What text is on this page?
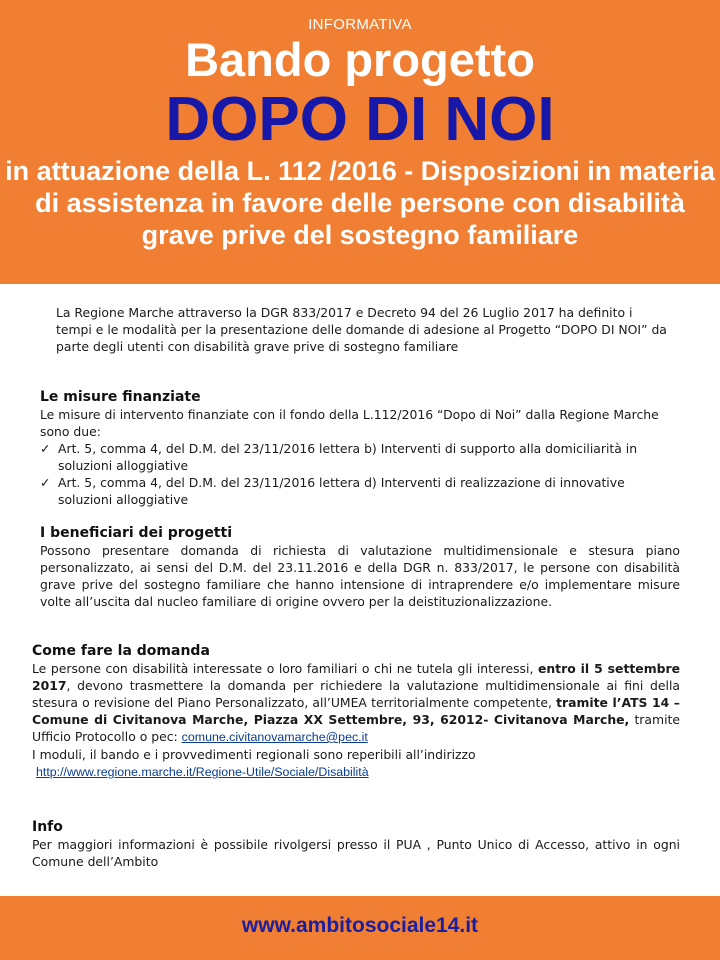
INFORMATIVA
Bando progetto
DOPO DI NOI
in attuazione della L. 112 /2016 - Disposizioni in materia di assistenza in favore delle persone con disabilità grave prive del sostegno familiare

La Regione Marche attraverso la DGR 833/2017 e Decreto 94 del 26 Luglio 2017 ha definito i tempi e le modalità per la presentazione delle domande di adesione al Progetto “DOPO DI NOI” da parte degli utenti con disabilità grave prive di sostegno familiare

Le misure finanziate
Le misure di intervento finanziate con il fondo della L.112/2016 “Dopo di Noi” dalla Regione Marche sono due:
✓ Art. 5, comma 4, del D.M. del 23/11/2016 lettera b) Interventi di supporto alla domiciliarità in soluzioni alloggiative
✓ Art. 5, comma 4, del D.M. del 23/11/2016 lettera d) Interventi di realizzazione di innovative soluzioni alloggiative
I beneficiari dei progetti
Possono presentare domanda di richiesta di valutazione multidimensionale e stesura piano personalizzato, ai sensi del D.M. del 23.11.2016 e della DGR n. 833/2017, le persone con disabilità grave prive del sostegno familiare che hanno intensione di intraprendere e/o implementare misure volte all’uscita dal nucleo familiare di origine ovvero per la deistituzionalizzazione.
Come fare la domanda
Le persone con disabilità interessate o loro familiari o chi ne tutela gli interessi, entro il 5 settembre 2017, devono trasmettere la domanda per richiedere la valutazione multidimensionale ai fini della stesura o revisione del Piano Personalizzato, all’UMEA territorialmente competente, tramite l’ATS 14 – Comune di Civitanova Marche, Piazza XX Settembre, 93, 62012- Civitanova Marche, tramite Ufficio Protocollo o pec: comune.civitanovamarche@pec.it
I moduli, il bando e i provvedimenti regionali sono reperibili all’indirizzo
http://www.regione.marche.it/Regione-Utile/Sociale/Disabilità
Info
Per maggiori informazioni è possibile rivolgersi presso il PUA , Punto Unico di Accesso, attivo in ogni Comune dell’Ambito
www.ambitosociale14.it
